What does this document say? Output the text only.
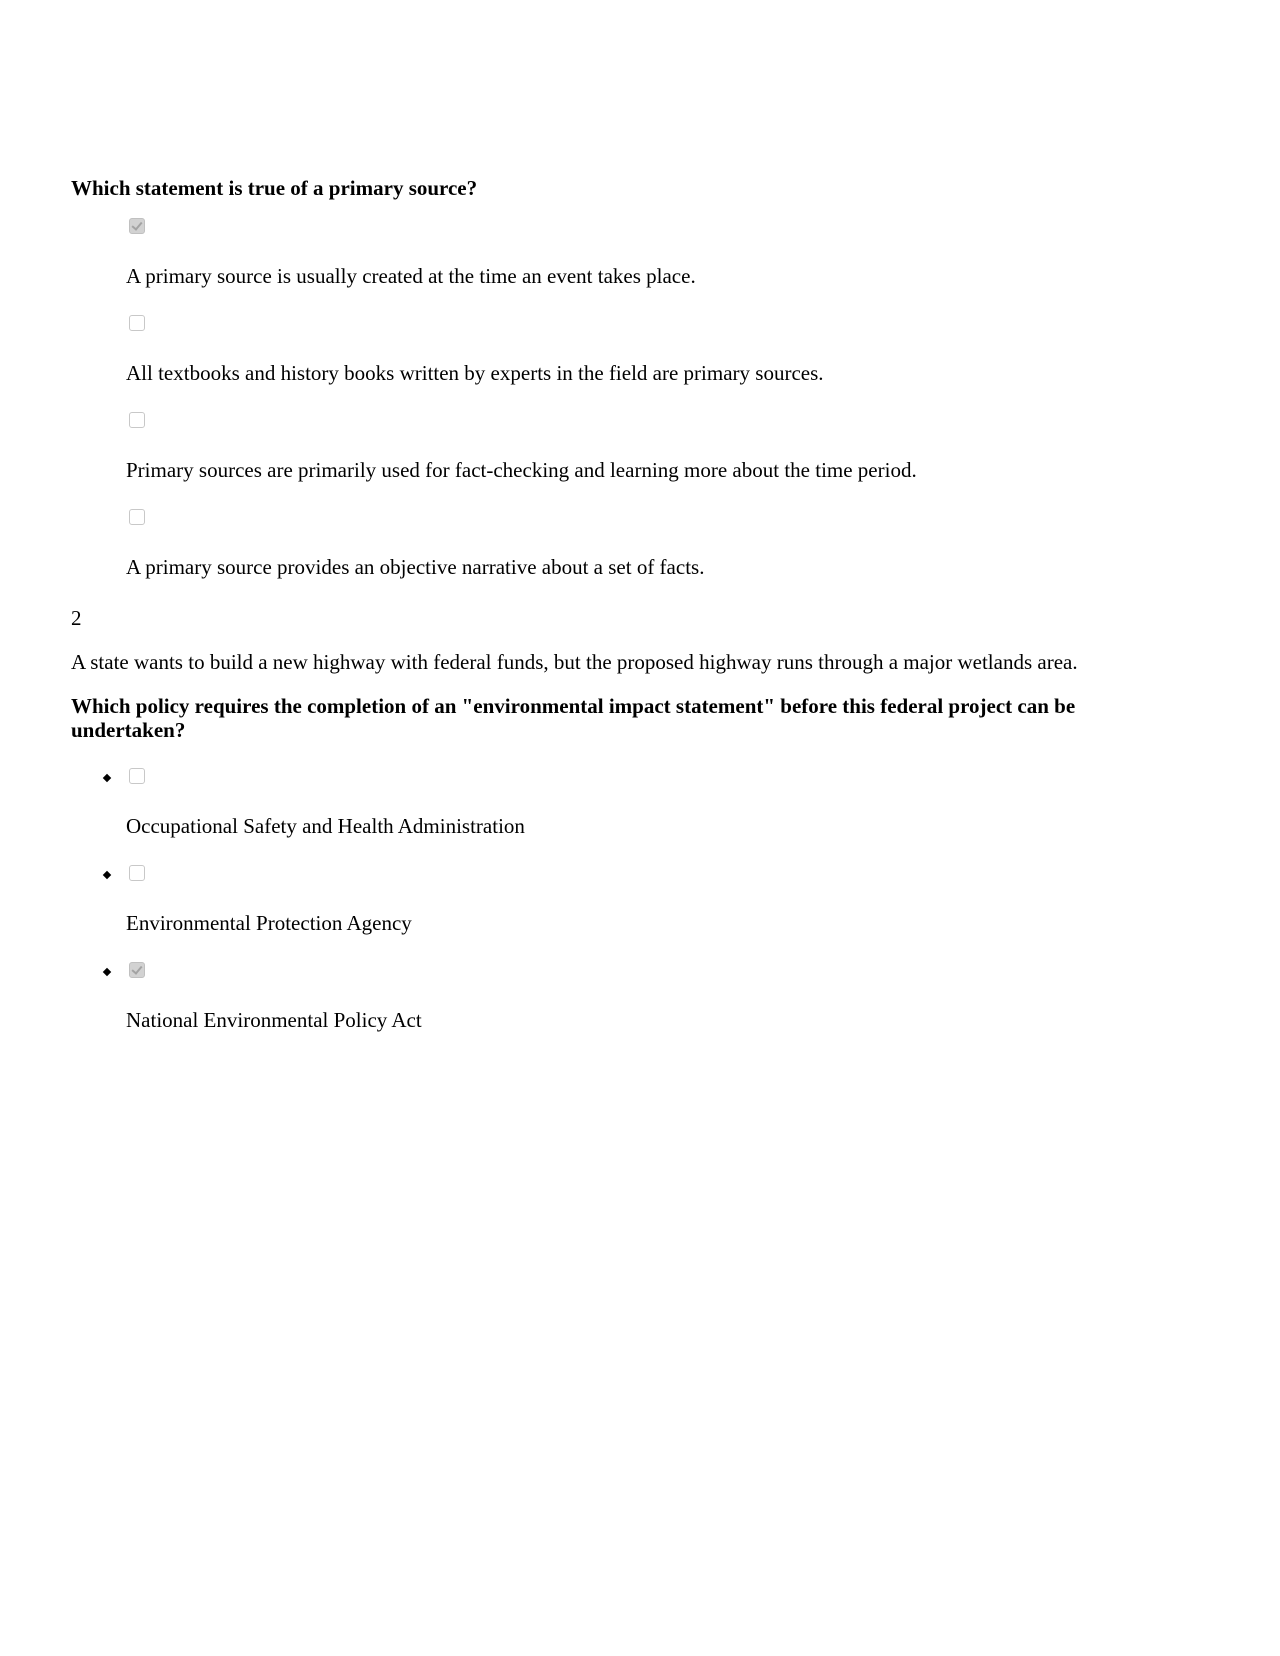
Which statement is true of a primary source?

A primary source is usually created at the time an event takes place.
All textbooks and history books written by experts in the field are primary sources.
Primary sources are primarily used for fact-checking and learning more about the time period.
A primary source provides an objective narrative about a set of facts.
2
A state wants to build a new highway with federal funds, but the proposed highway runs through a major wetlands area.

Which policy requires the completion of an "environmental impact statement" before this federal project can be undertaken?

Occupational Safety and Health Administration
Environmental Protection Agency
National Environmental Policy Act
